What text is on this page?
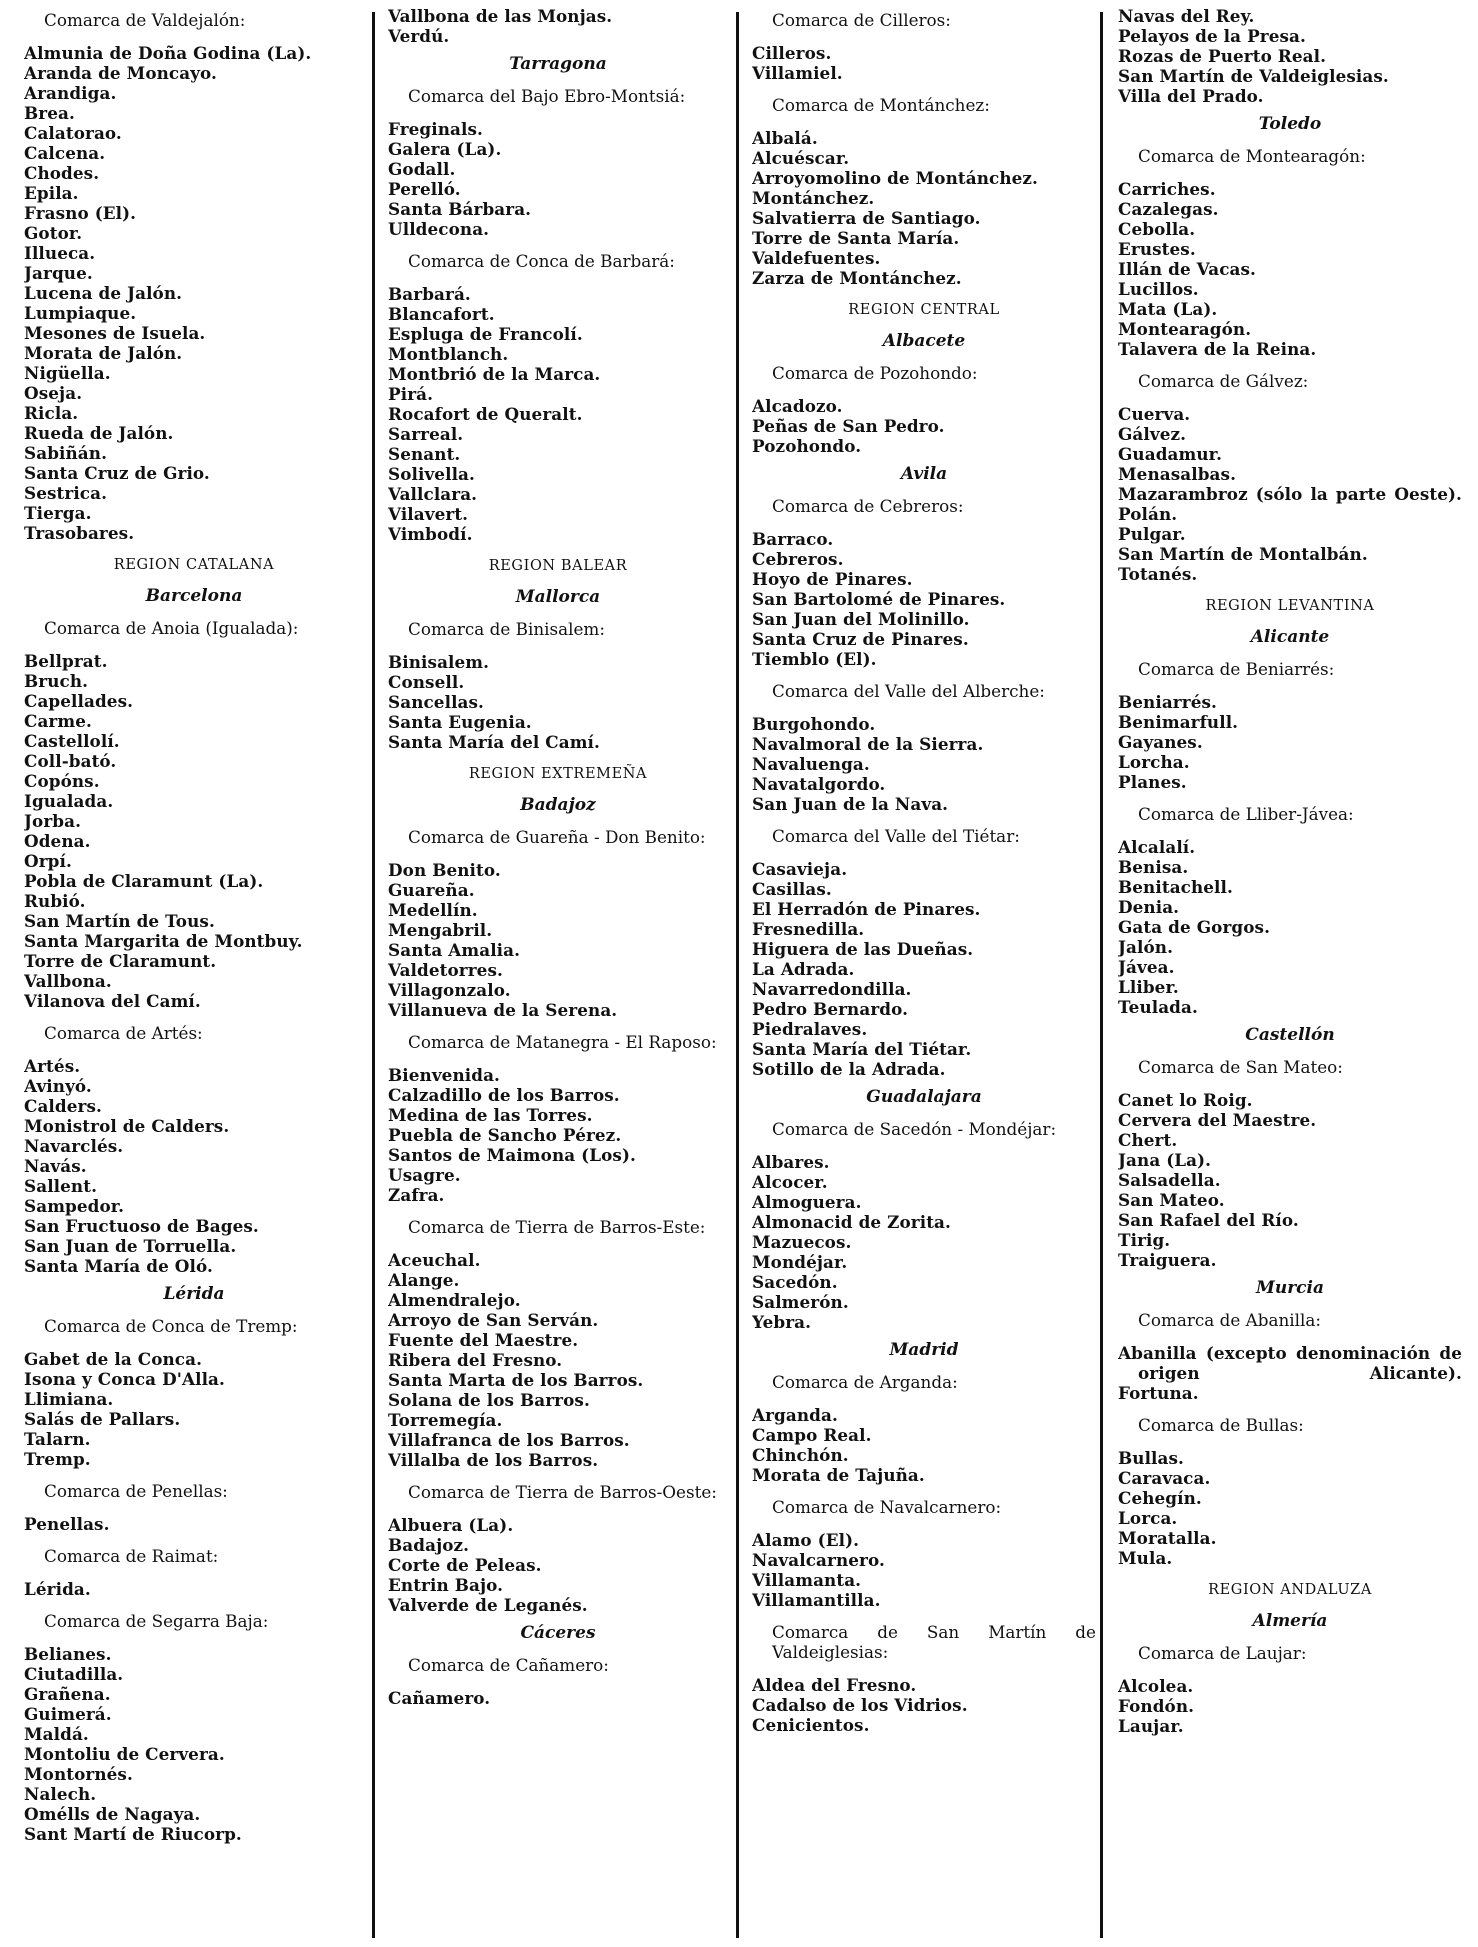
Comarca de Valdejalón:
Almunia de Doña Godina (La).
Aranda de Moncayo.
Arandiga.
Brea.
Calatorao.
Calcena.
Chodes.
Epila.
Frasno (El).
Gotor.
Illueca.
Jarque.
Lucena de Jalón.
Lumpiaque.
Mesones de Isuela.
Morata de Jalón.
Nigüella.
Oseja.
Ricla.
Rueda de Jalón.
Sabiñán.
Santa Cruz de Grio.
Sestrica.
Tierga.
Trasobares.
REGION CATALANA
Barcelona
Comarca de Anoia (Igualada):
Bellprat.
Bruch.
Capellades.
Carme.
Castellolí.
Coll-bató.
Copóns.
Igualada.
Jorba.
Odena.
Orpí.
Pobla de Claramunt (La).
Rubió.
San Martín de Tous.
Santa Margarita de Montbuy.
Torre de Claramunt.
Vallbona.
Vilanova del Camí.
Comarca de Artés:
Artés.
Avinyó.
Calders.
Monistrol de Calders.
Navarclés.
Navás.
Sallent.
Sampedor.
San Fructuoso de Bages.
San Juan de Torruella.
Santa María de Oló.
Lérida
Comarca de Conca de Tremp:
Gabet de la Conca.
Isona y Conca D'Alla.
Llimiana.
Salás de Pallars.
Talarn.
Tremp.
Comarca de Penellas:
Penellas.
Comarca de Raimat:
Lérida.
Comarca de Segarra Baja:
Belianes.
Ciutadilla.
Grañena.
Guimerá.
Maldá.
Montoliu de Cervera.
Montornés.
Nalech.
Omélls de Nagaya.
Sant Martí de Riucorp.
Vallbona de las Monjas.
Verdú.
Tarragona
Comarca del Bajo Ebro-Montsiá:
Freginals.
Galera (La).
Godall.
Perelló.
Santa Bárbara.
Ulldecona.
Comarca de Conca de Barbará:
Barbará.
Blancafort.
Espluga de Francolí.
Montblanch.
Montbrió de la Marca.
Pirá.
Rocafort de Queralt.
Sarreal.
Senant.
Solivella.
Vallclara.
Vilavert.
Vimbodí.
REGION BALEAR
Mallorca
Comarca de Binisalem:
Binisalem.
Consell.
Sancellas.
Santa Eugenia.
Santa María del Camí.
REGION EXTREMEÑA
Badajoz
Comarca de Guareña - Don Benito:
Don Benito.
Guareña.
Medellín.
Mengabril.
Santa Amalia.
Valdetorres.
Villagonzalo.
Villanueva de la Serena.
Comarca de Matanegra - El Raposo:
Bienvenida.
Calzadillo de los Barros.
Medina de las Torres.
Puebla de Sancho Pérez.
Santos de Maimona (Los).
Usagre.
Zafra.
Comarca de Tierra de Barros-Este:
Aceuchal.
Alange.
Almendralejo.
Arroyo de San Serván.
Fuente del Maestre.
Ribera del Fresno.
Santa Marta de los Barros.
Solana de los Barros.
Torremegía.
Villafranca de los Barros.
Villalba de los Barros.
Comarca de Tierra de Barros-Oeste:
Albuera (La).
Badajoz.
Corte de Peleas.
Entrin Bajo.
Valverde de Leganés.
Cáceres
Comarca de Cañamero:
Cañamero.
Comarca de Cilleros:
Cilleros.
Villamiel.
Comarca de Montánchez:
Albalá.
Alcuéscar.
Arroyomolino de Montánchez.
Montánchez.
Salvatierra de Santiago.
Torre de Santa María.
Valdefuentes.
Zarza de Montánchez.
REGION CENTRAL
Albacete
Comarca de Pozohondo:
Alcadozo.
Peñas de San Pedro.
Pozohondo.
Avila
Comarca de Cebreros:
Barraco.
Cebreros.
Hoyo de Pinares.
San Bartolomé de Pinares.
San Juan del Molinillo.
Santa Cruz de Pinares.
Tiemblo (El).
Comarca del Valle del Alberche:
Burgohondo.
Navalmoral de la Sierra.
Navaluenga.
Navatalgordo.
San Juan de la Nava.
Comarca del Valle del Tiétar:
Casavieja.
Casillas.
El Herradón de Pinares.
Fresnedilla.
Higuera de las Dueñas.
La Adrada.
Navarredondilla.
Pedro Bernardo.
Piedralaves.
Santa María del Tiétar.
Sotillo de la Adrada.
Guadalajara
Comarca de Sacedón - Mondéjar:
Albares.
Alcocer.
Almoguera.
Almonacid de Zorita.
Mazuecos.
Mondéjar.
Sacedón.
Salmerón.
Yebra.
Madrid
Comarca de Arganda:
Arganda.
Campo Real.
Chinchón.
Morata de Tajuña.
Comarca de Navalcarnero:
Alamo (El).
Navalcarnero.
Villamanta.
Villamantilla.
Comarca de San Martín de Valdeiglesias:
Aldea del Fresno.
Cadalso de los Vidrios.
Cenicientos.
Navas del Rey.
Pelayos de la Presa.
Rozas de Puerto Real.
San Martín de Valdeiglesias.
Villa del Prado.
Toledo
Comarca de Montearagón:
Carriches.
Cazalegas.
Cebolla.
Erustes.
Illán de Vacas.
Lucillos.
Mata (La).
Montearagón.
Talavera de la Reina.
Comarca de Gálvez:
Cuerva.
Gálvez.
Guadamur.
Menasalbas.
Mazarambroz (sólo la parte Oeste).
Polán.
Pulgar.
San Martín de Montalbán.
Totanés.
REGION LEVANTINA
Alicante
Comarca de Beniarrés:
Beniarrés.
Benimarfull.
Gayanes.
Lorcha.
Planes.
Comarca de Lliber-Jávea:
Alcalalí.
Benisa.
Benitachell.
Denia.
Gata de Gorgos.
Jalón.
Jávea.
Lliber.
Teulada.
Castellón
Comarca de San Mateo:
Canet lo Roig.
Cervera del Maestre.
Chert.
Jana (La).
Salsadella.
San Mateo.
San Rafael del Río.
Tirig.
Traiguera.
Murcia
Comarca de Abanilla:
Abanilla (excepto denominación de origen Alicante).
Fortuna.
Comarca de Bullas:
Bullas.
Caravaca.
Cehegín.
Lorca.
Moratalla.
Mula.
REGION ANDALUZA
Almería
Comarca de Laujar:
Alcolea.
Fondón.
Laujar.
